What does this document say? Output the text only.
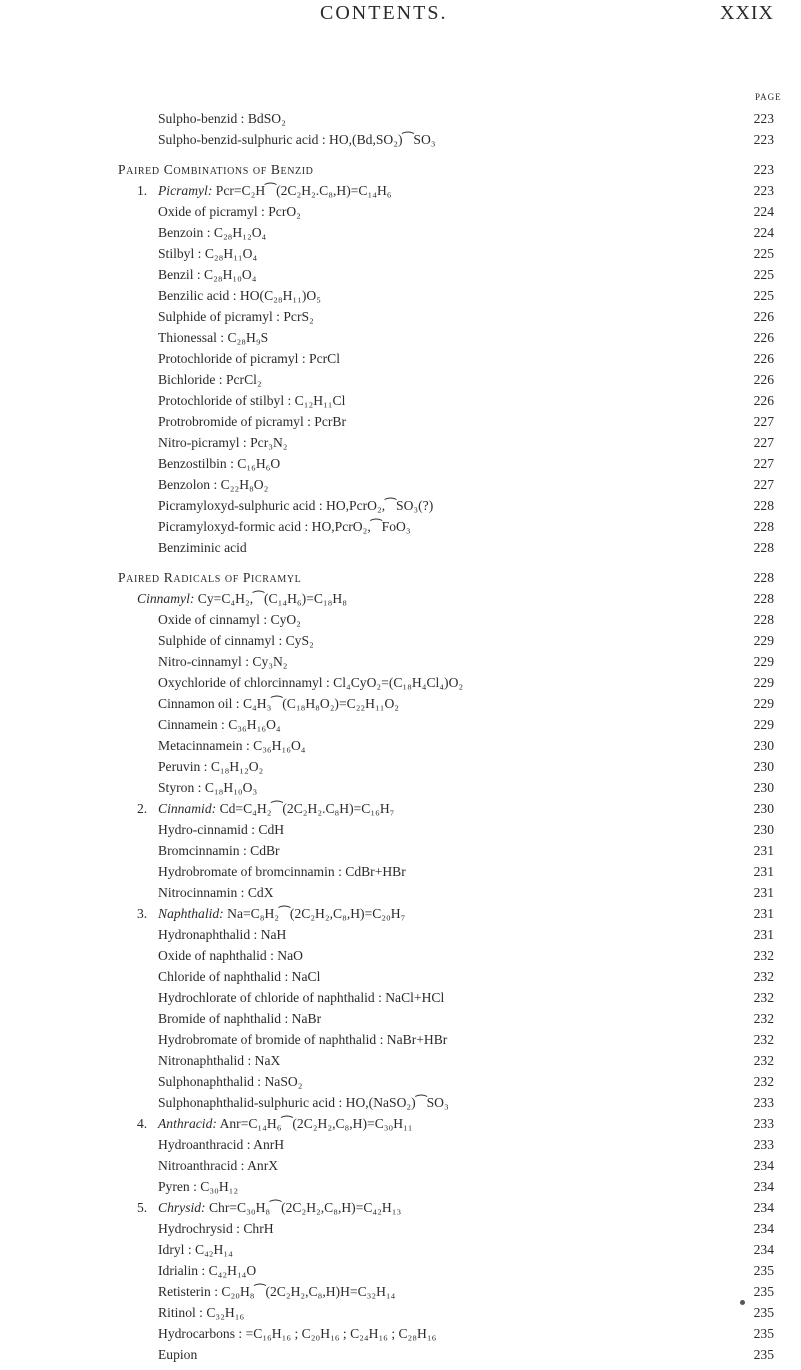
CONTENTS.	XXIX
PAGE
Sulpho-benzid : BdSO₂	223
Sulpho-benzid-sulphuric acid : HO,(Bd,SO₂)⁀SO₃	223
Paired Combinations of Benzid	223
1. Picramyl: Pcr=C₂H⁀(2C₂H₂.C₈,H)=C₁₄H₆	223
Oxide of picramyl : PcrO₂	224
Benzoin : C₂₈H₁₂O₄	224
Stilbyl : C₂₈H₁₁O₄	225
Benzil : C₂₈H₁₀O₄	225
Benzilic acid : HO(C₂₈H₁₁)O₅	225
Sulphide of picramyl : PcrS₂	226
Thionessal : C₂₈H₉S	226
Protochloride of picramyl : PcrCl	226
Bichloride : PcrCl₂	226
Protochloride of stilbyl : C₁₂H₁₁Cl	226
Protrobromide of picramyl : PcrBr	227
Nitro-picramyl : Pcr₃N₂	227
Benzostilbin : C₁₆H₆O	227
Benzolon : C₂₂H₈O₂	227
Picramyloxyd-sulphuric acid : HO,PcrO₂,⁀SO₃(?)	228
Picramyloxyd-formic acid : HO,PcrO₂,⁀FoO₃	228
Benziminic acid	228
Paired Radicals of Picramyl	228
Cinnamyl: Cy=C₄H₂,⁀(C₁₄H₆)=C₁₈H₈	228
Oxide of cinnamyl : CyO₂	228
Sulphide of cinnamyl : CyS₂	229
Nitro-cinnamyl : Cy₃N₂	229
Oxychloride of chlorcinnamyl : Cl₄CyO₂=(C₁₈H₄Cl₄)O₂	229
Cinnamon oil : C₄H₃⁀(C₁₈H₈O₂)=C₂₂H₁₁O₂	229
Cinnamein : C₃₆H₁₆O₄	229
Metacinnamein : C₃₆H₁₆O₄	230
Peruvin : C₁₈H₁₂O₂	230
Styron : C₁₈H₁₀O₃	230
2. Cinnamid: Cd=C₄H₂⁀(2C₂H₂.C₈H)=C₁₆H₇	230
Hydro-cinnamid : CdH	230
Bromcinnamin : CdBr	231
Hydrobromate of bromcinnamin : CdBr+HBr	231
Nitrocinnamin : CdX	231
3. Naphthalid: Na=C₈H₂⁀(2C₂H₂,C₈,H)=C₂₀H₇	231
Hydronaphthalid : NaH	231
Oxide of naphthalid : NaO	232
Chloride of naphthalid : NaCl	232
Hydrochlorate of chloride of naphthalid : NaCl+HCl	232
Bromide of naphthalid : NaBr	232
Hydrobromate of bromide of naphthalid : NaBr+HBr	232
Nitronaphthalid : NaX	232
Sulphonaphthalid : NaSO₂	232
Sulphonaphthalid-sulphuric acid : HO,(NaSO₂)⁀SO₃	233
4. Anthracid: Anr=C₁₄H₆⁀(2C₂H₂,C₈,H)=C₃₀H₁₁	233
Hydroanthracid : AnrH	233
Nitroanthracid : AnrX	234
Pyren : C₃₀H₁₂	234
5. Chrysid: Chr=C₃₀H₈⁀(2C₂H₂,C₈,H)=C₄₂H₁₃	234
Hydrochrysid : ChrH	234
Idryl : C₄₂H₁₄	234
Idrialin : C₄₂H₁₄O	235
Retisterin : C₂₀H₈⁀(2C₂H₂,C₈,H)H=C₃₂H₁₄	235
Ritinol : C₃₂H₁₆	235
Hydrocarbons : =C₁₆H₁₆ ; C₂₀H₁₆ ; C₂₄H₁₆ ; C₂₈H₁₆	235
Eupion	235
